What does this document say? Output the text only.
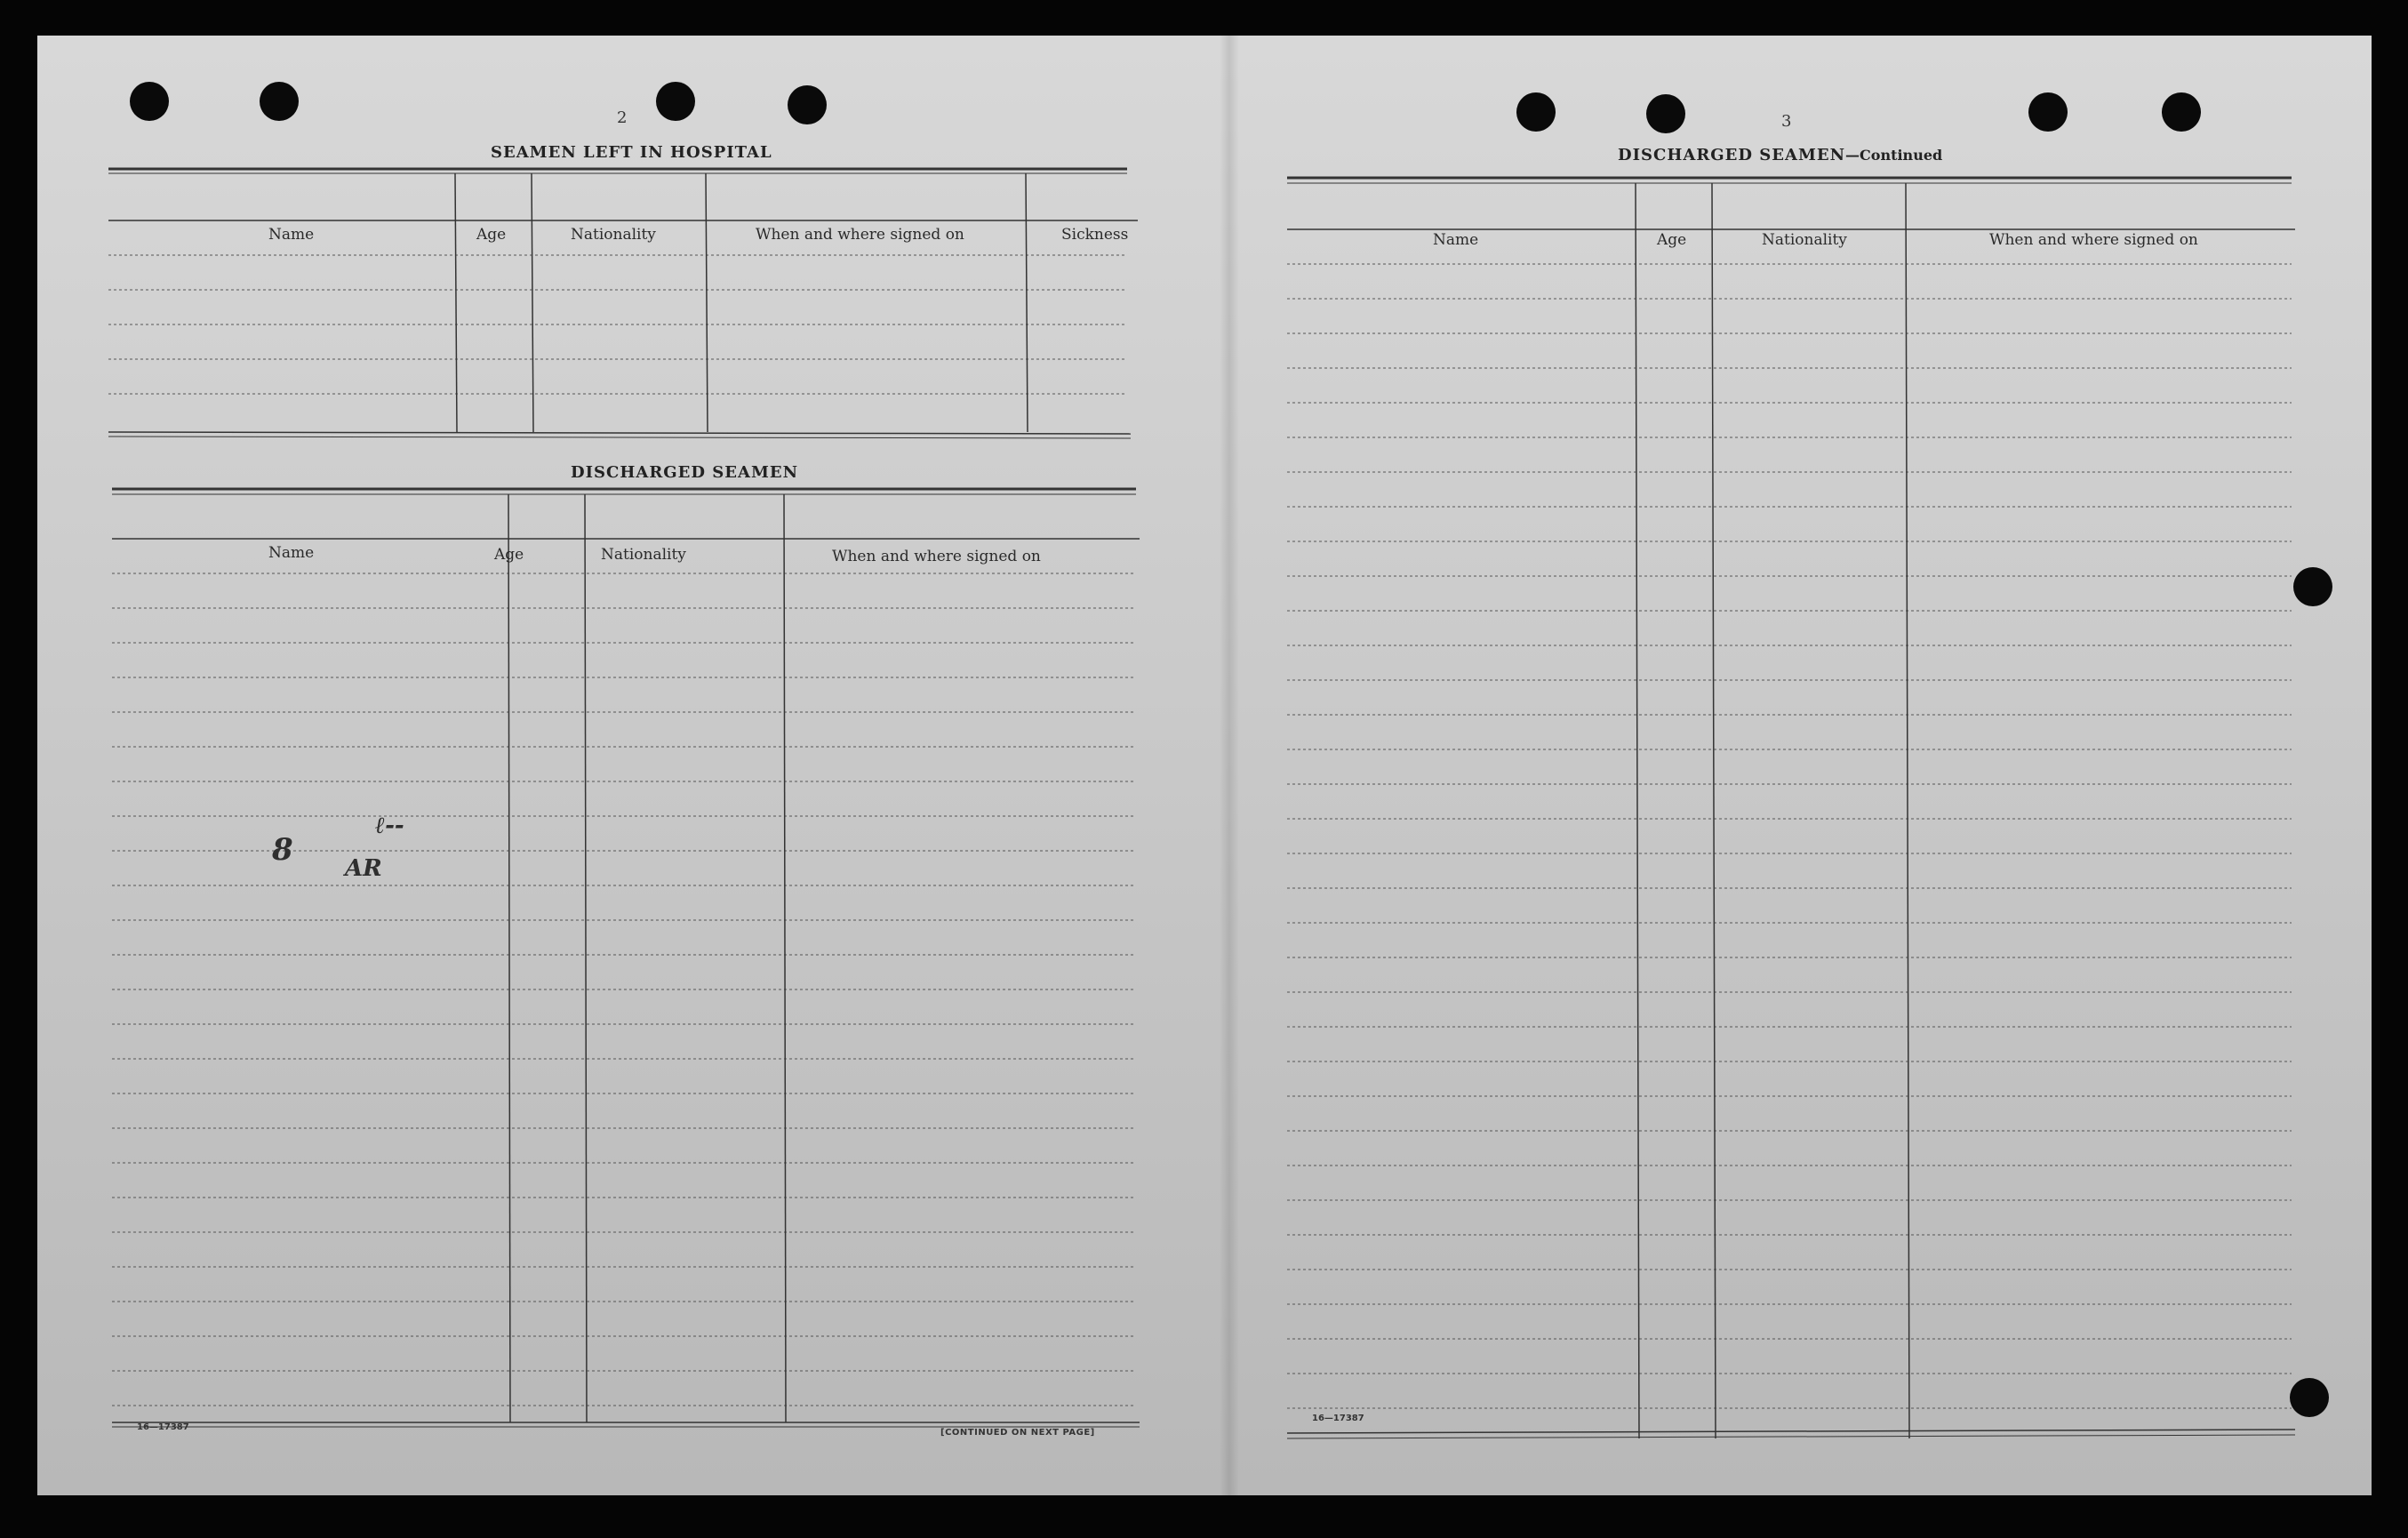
2
SEAMEN LEFT IN HOSPITAL
Name	Age	Nationality	When and where signed on	Sickness
DISCHARGED SEAMEN
Name	Age	Nationality	When and where signed on
8
ℓ--
AR
16—17387
[CONTINUED ON NEXT PAGE]
3
DISCHARGED SEAMEN—Continued
Name	Age	Nationality	When and where signed on
16—17387
